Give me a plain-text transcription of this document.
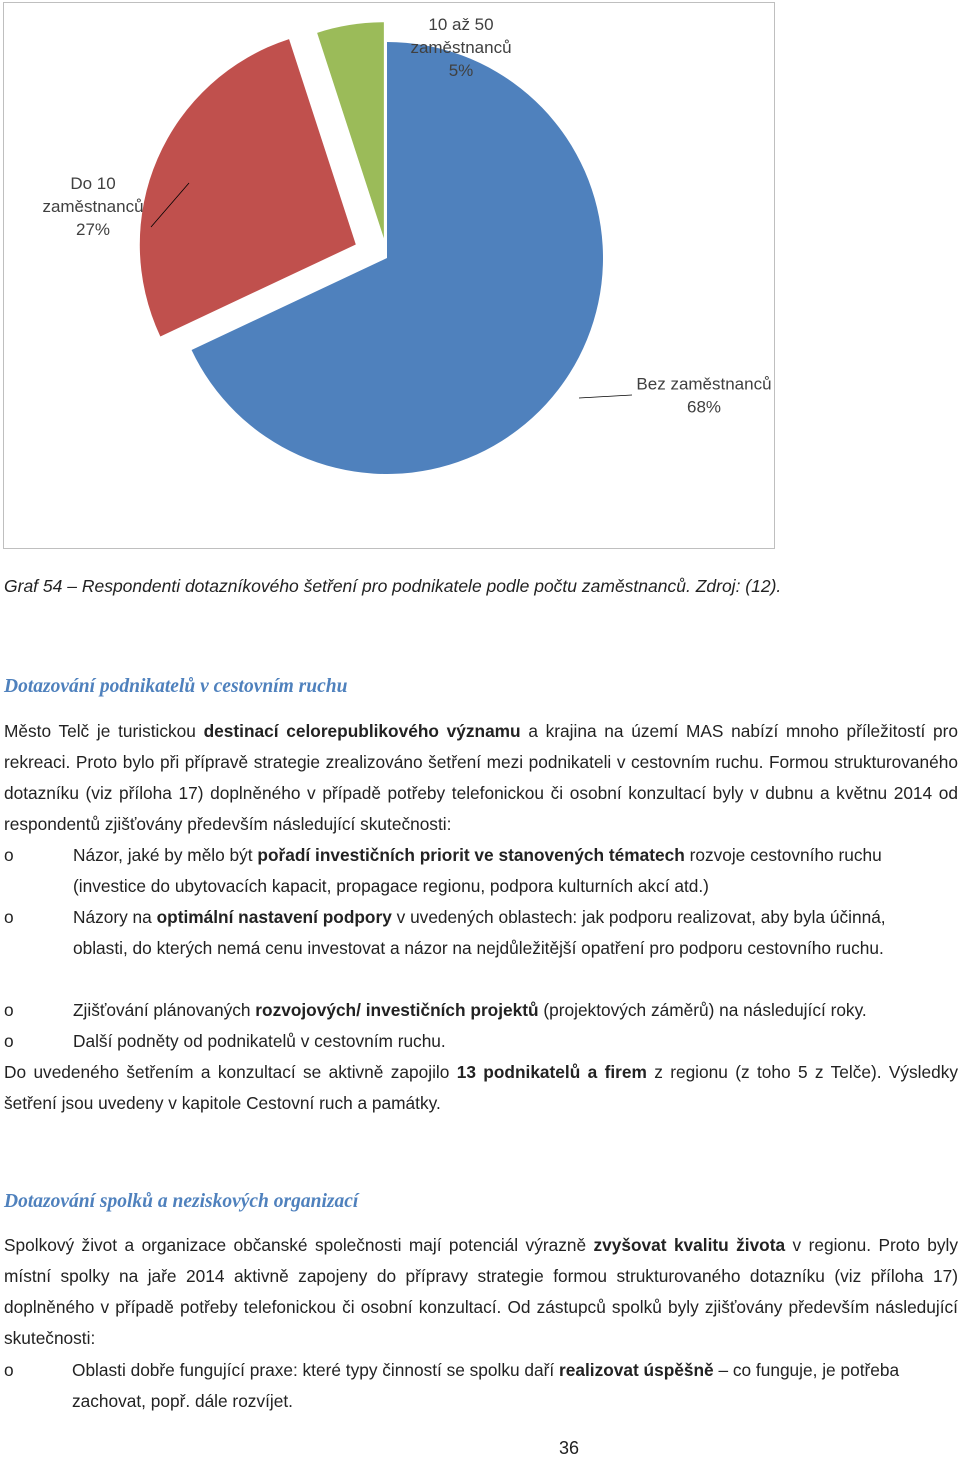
Bez zaměstnanců
68%
Do 10
zaměstnanců
27%
10 až 50
zaměstnanců
5%
Graf 54 – Respondenti dotazníkového šetření pro podnikatele podle počtu zaměstnanců. Zdroj: (12).
Dotazování podnikatelů v cestovním ruchu
Město Telč je turistickou destinací celorepublikového významu a krajina na území MAS nabízí mnoho příležitostí pro rekreaci. Proto bylo při přípravě strategie zrealizováno šetření mezi podnikateli v cestovním ruchu. Formou strukturovaného dotazníku (viz příloha 17) doplněného v případě potřeby telefonickou či osobní konzultací byly v dubnu a květnu 2014 od respondentů zjišťovány především následující skutečnosti:
o	Názor, jaké by mělo být pořadí investičních priorit ve stanovených tématech rozvoje cestovního ruchu (investice do ubytovacích kapacit, propagace regionu, podpora kulturních akcí atd.)
o	Názory na optimální nastavení podpory v uvedených oblastech: jak podporu realizovat, aby byla účinná, oblasti, do kterých nemá cenu investovat a názor na nejdůležitější opatření pro podporu cestovního ruchu.
o	Zjišťování plánovaných rozvojových/ investičních projektů (projektových záměrů) na následující roky.
o	Další podněty od podnikatelů v cestovním ruchu.
Do uvedeného šetřením a konzultací se aktivně zapojilo 13 podnikatelů a firem z regionu (z toho 5 z Telče). Výsledky šetření jsou uvedeny v kapitole Cestovní ruch a památky.
Dotazování spolků a neziskových organizací
Spolkový život a organizace občanské společnosti mají potenciál výrazně zvyšovat kvalitu života v regionu. Proto byly místní spolky na jaře 2014 aktivně zapojeny do přípravy strategie formou strukturovaného dotazníku (viz příloha 17) doplněného v případě potřeby telefonickou či osobní konzultací. Od zástupců spolků byly zjišťovány především následující skutečnosti:
o	Oblasti dobře fungující praxe: které typy činností se spolku daří realizovat úspěšně – co funguje, je potřeba zachovat, popř. dále rozvíjet.
36
